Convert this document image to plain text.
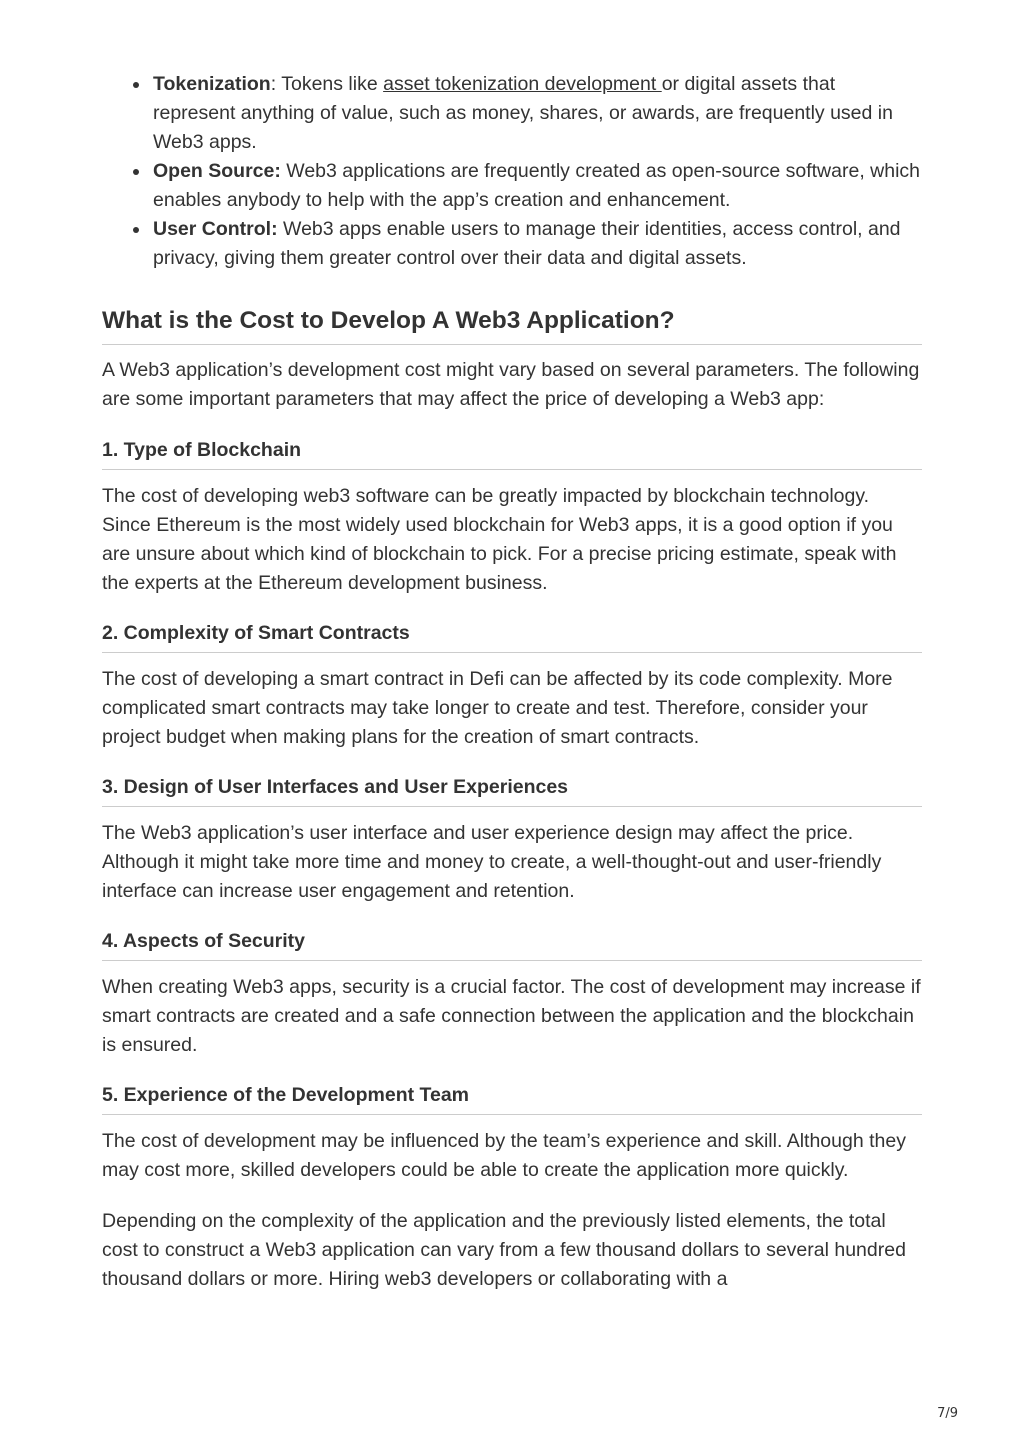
Tokenization: Tokens like asset tokenization development or digital assets that represent anything of value, such as money, shares, or awards, are frequently used in Web3 apps.
Open Source: Web3 applications are frequently created as open-source software, which enables anybody to help with the app’s creation and enhancement.
User Control: Web3 apps enable users to manage their identities, access control, and privacy, giving them greater control over their data and digital assets.
What is the Cost to Develop A Web3 Application?

A Web3 application’s development cost might vary based on several parameters. The following are some important parameters that may affect the price of developing a Web3 app:

1. Type of Blockchain

The cost of developing web3 software can be greatly impacted by blockchain technology. Since Ethereum is the most widely used blockchain for Web3 apps, it is a good option if you are unsure about which kind of blockchain to pick. For a precise pricing estimate, speak with the experts at the Ethereum development business.

2. Complexity of Smart Contracts

The cost of developing a smart contract in Defi can be affected by its code complexity. More complicated smart contracts may take longer to create and test. Therefore, consider your project budget when making plans for the creation of smart contracts.

3. Design of User Interfaces and User Experiences

The Web3 application’s user interface and user experience design may affect the price. Although it might take more time and money to create, a well-thought-out and user-friendly interface can increase user engagement and retention.

4. Aspects of Security

When creating Web3 apps, security is a crucial factor. The cost of development may increase if smart contracts are created and a safe connection between the application and the blockchain is ensured.

5. Experience of the Development Team

The cost of development may be influenced by the team’s experience and skill. Although they may cost more, skilled developers could be able to create the application more quickly.

Depending on the complexity of the application and the previously listed elements, the total cost to construct a Web3 application can vary from a few thousand dollars to several hundred thousand dollars or more. Hiring web3 developers or collaborating with a

7/9
